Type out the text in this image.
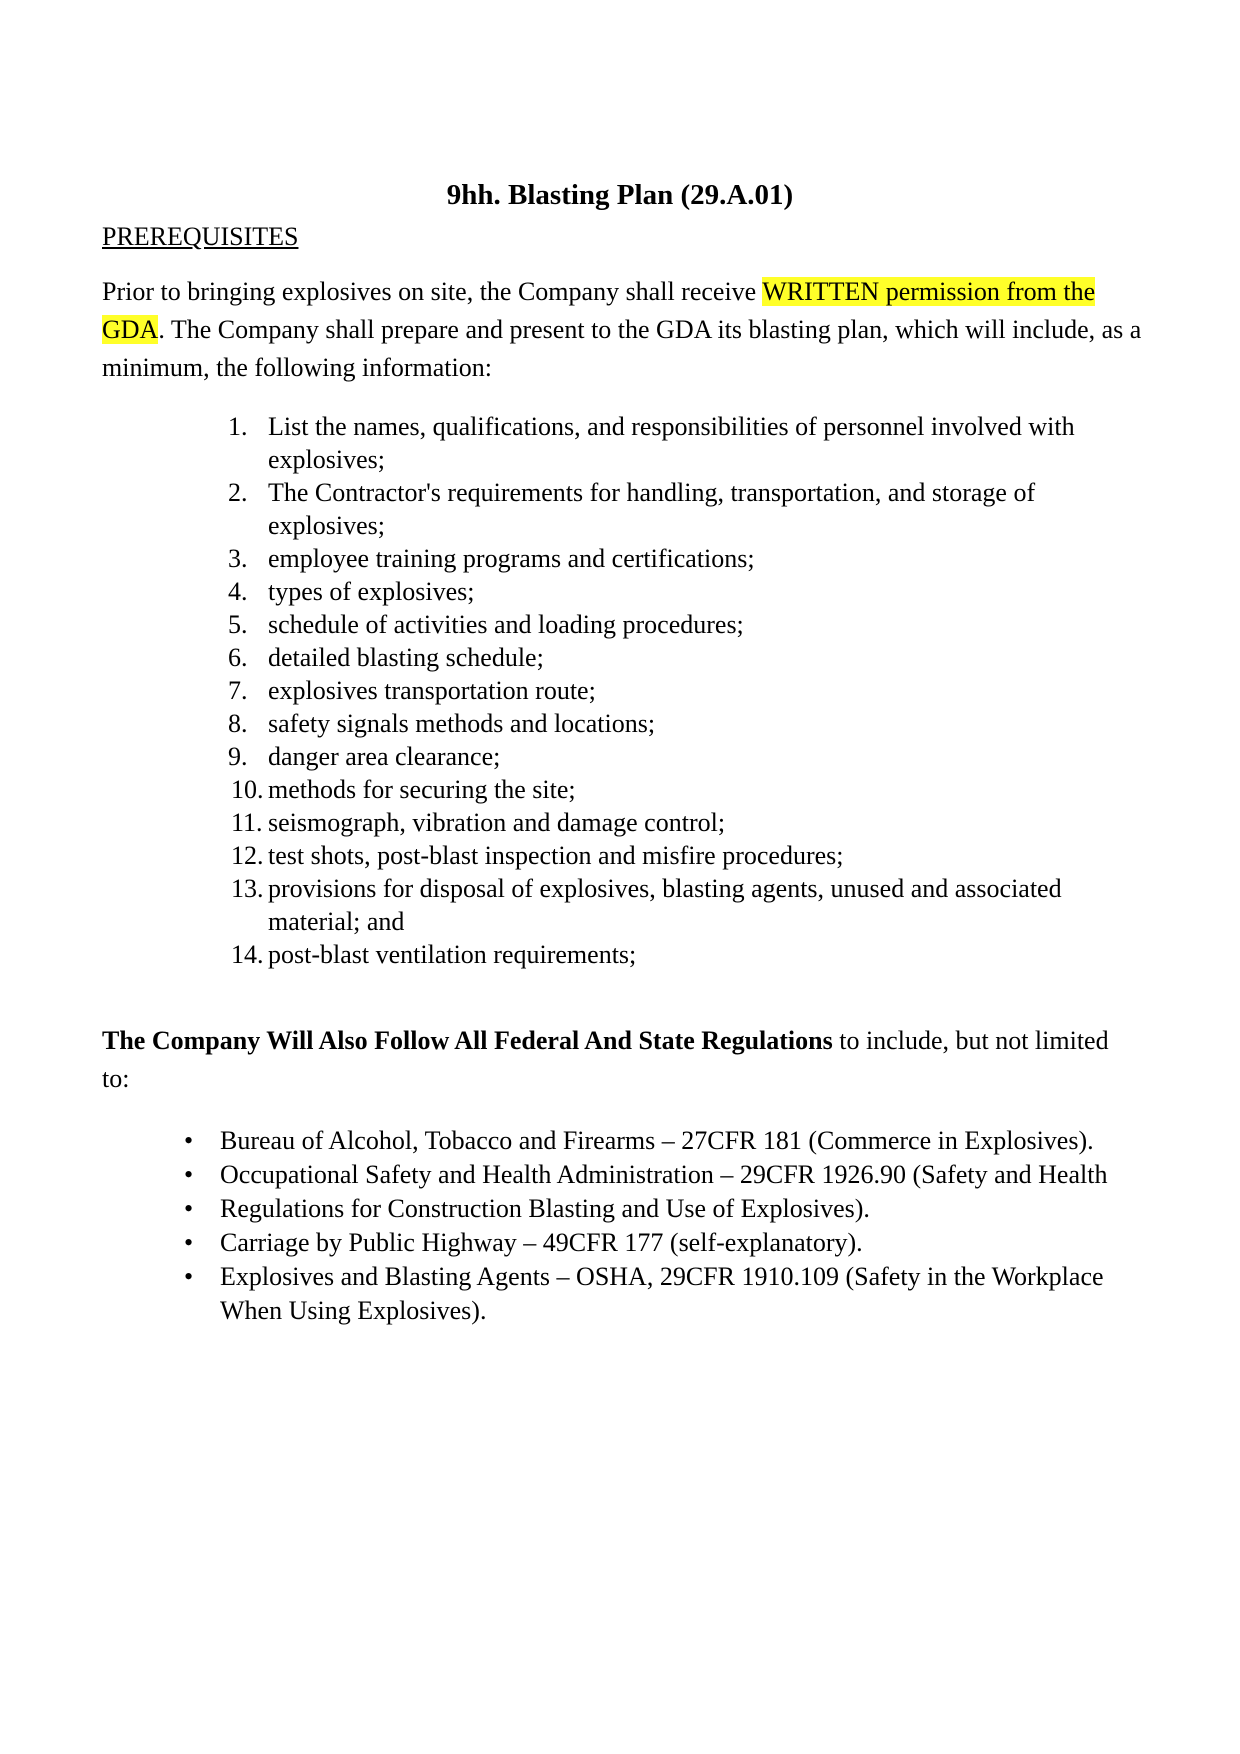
9hh. Blasting Plan (29.A.01)
PREREQUISITES

Prior to bringing explosives on site, the Company shall receive WRITTEN permission from the GDA. The Company shall prepare and present to the GDA its blasting plan, which will include, as a minimum, the following information:

1. List the names, qualifications, and responsibilities of personnel involved with explosives;
2. The Contractor's requirements for handling, transportation, and storage of explosives;
3. employee training programs and certifications;
4. types of explosives;
5. schedule of activities and loading procedures;
6. detailed blasting schedule;
7. explosives transportation route;
8. safety signals methods and locations;
9. danger area clearance;
10. methods for securing the site;
11. seismograph, vibration and damage control;
12. test shots, post-blast inspection and misfire procedures;
13. provisions for disposal of explosives, blasting agents, unused and associated material; and
14. post-blast ventilation requirements;

The Company Will Also Follow All Federal And State Regulations to include, but not limited to:

• Bureau of Alcohol, Tobacco and Firearms – 27CFR 181 (Commerce in Explosives).
• Occupational Safety and Health Administration – 29CFR 1926.90 (Safety and Health
• Regulations for Construction Blasting and Use of Explosives).
• Carriage by Public Highway – 49CFR 177 (self-explanatory).
• Explosives and Blasting Agents – OSHA, 29CFR 1910.109 (Safety in the Workplace When Using Explosives).
